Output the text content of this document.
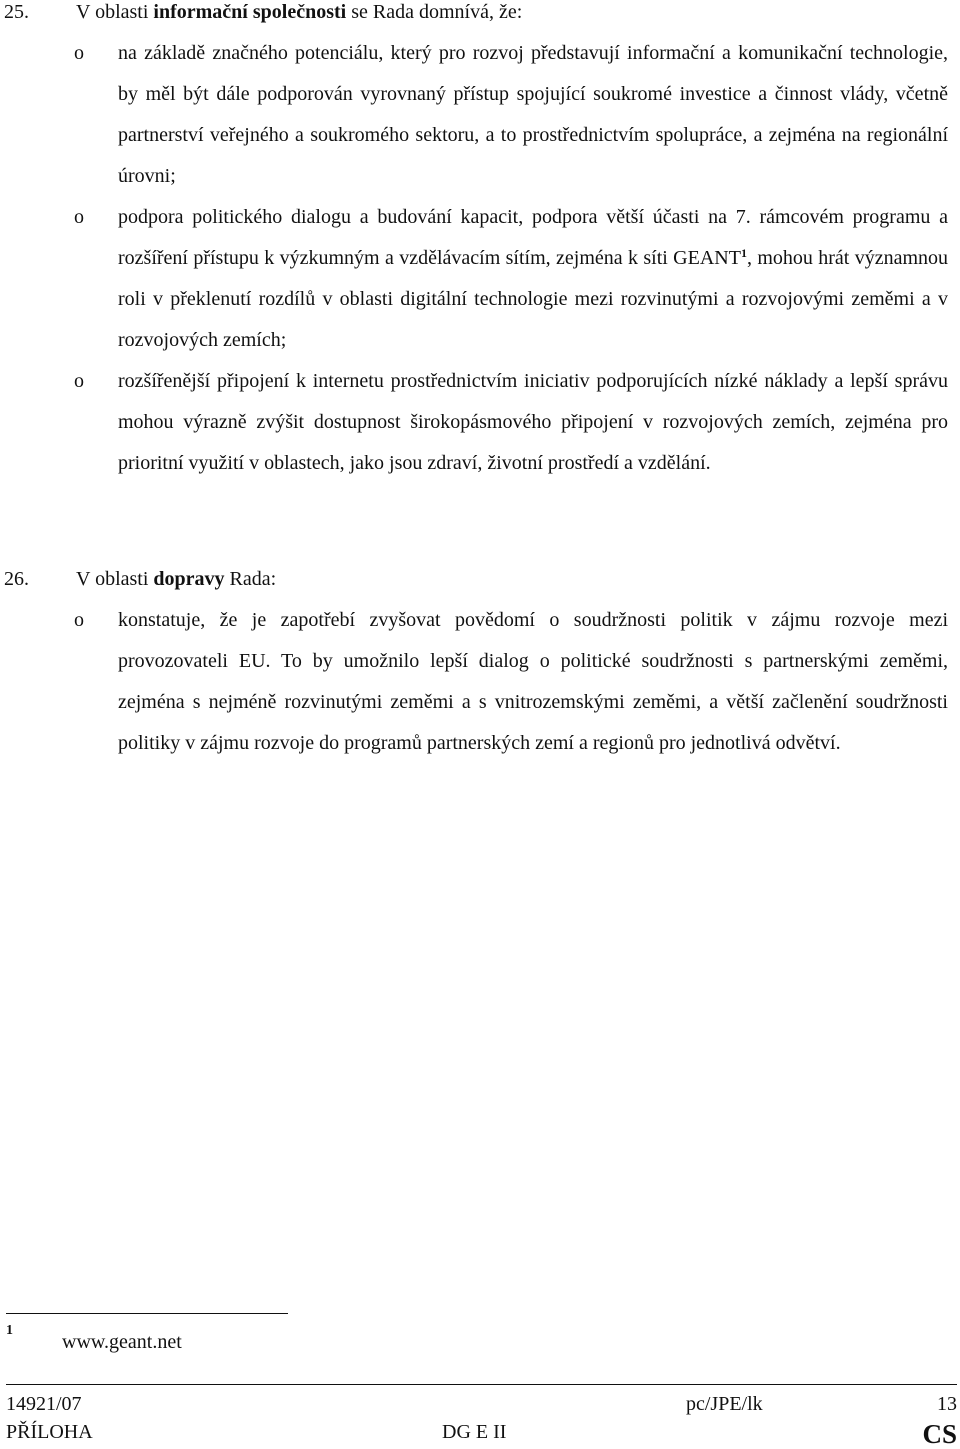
25. V oblasti informační společnosti se Rada domnívá, že:
o na základě značného potenciálu, který pro rozvoj představují informační a komunikační technologie, by měl být dále podporován vyrovnaný přístup spojující soukromé investice a činnost vlády, včetně partnerství veřejného a soukromého sektoru, a to prostřednictvím spolupráce, a zejména na regionální úrovni;
o podpora politického dialogu a budování kapacit, podpora větší účasti na 7. rámcovém programu a rozšíření přístupu k výzkumným a vzdělávacím sítím, zejména k síti GEANT$^1$, mohou hrát významnou roli v překlenutí rozdílů v oblasti digitální technologie mezi rozvinutými a rozvojovými zeměmi a v rozvojových zemích;
o rozšířenější připojení k internetu prostřednictvím iniciativ podporujících nízké náklady a lepší správu mohou výrazně zvýšit dostupnost širokopásmového připojení v rozvojových zemích, zejména pro prioritní využití v oblastech, jako jsou zdraví, životní prostředí a vzdělání.
26. V oblasti dopravy Rada:
o konstatuje, že je zapotřebí zvyšovat povědomí o soudržnosti politik v zájmu rozvoje mezi provozovateli EU. To by umožnilo lepší dialog o politické soudržnosti s partnerskými zeměmi, zejména s nejméně rozvinutými zeměmi a s vnitrozemskými zeměmi, a větší začlenění soudržnosti politiky v zájmu rozvoje do programů partnerských zemí a regionů pro jednotlivá odvětví.
1
www.geant.net
14921/07	pc/JPE/lk	13
PŘÍLOHA	DG E II	CS
